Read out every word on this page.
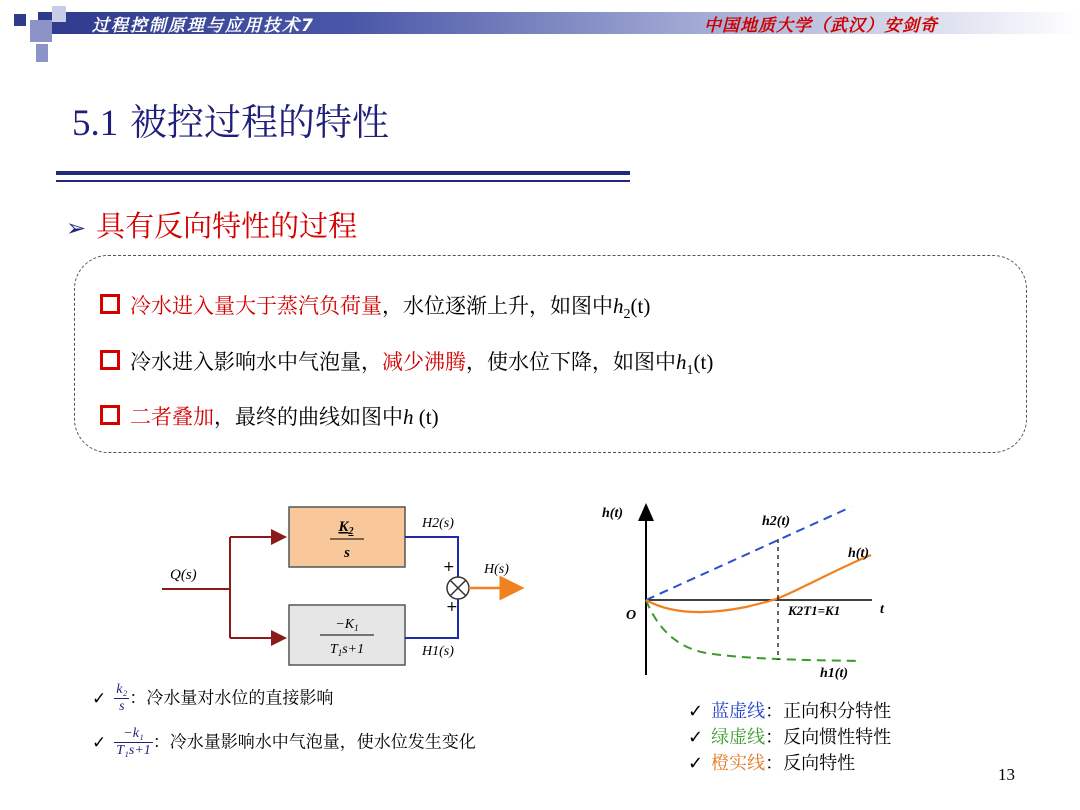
过程控制原理与应用技术7	中国地质大学（武汉）安剑奇
5.1 被控过程的特性
➢ 具有反向特性的过程
冷水进入量大于蒸汽负荷量，水位逐渐上升，如图中$h_2(t)$
冷水进入影响水中气泡量，减少沸腾，使水位下降，如图中$h_1(t)$
二者叠加，最终的曲线如图中h (t)
Q(s)
$K_2$
s
$-K_1$
$T_1s+1$
H2(s)
H1(s)
H(s)
+
+
h(t)
O	t
h2(t)
h(t)
h1(t)
K2T1=K1
✓ $\frac{\text{k₂}}{s}$ ：冷水量对水位的直接影响
✓ $\frac{\text{−k₁}}{\text{T₁s+1}}$ ：冷水量影响水中气泡量，使水位发生变化
✓ 蓝虚线：正向积分特性
✓ 绿虚线：反向惯性特性
✓ 橙实线：反向特性
13
